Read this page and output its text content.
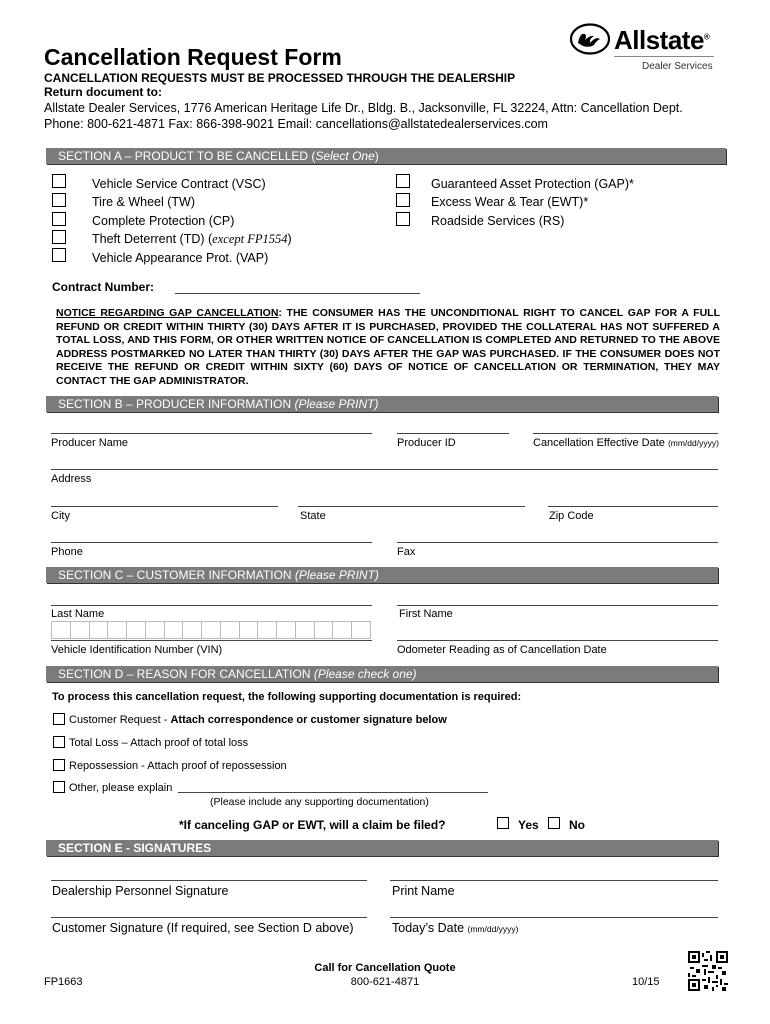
Cancellation Request Form
CANCELLATION REQUESTS MUST BE PROCESSED THROUGH THE DEALERSHIP
Return document to:
Allstate Dealer Services, 1776 American Heritage Life Dr., Bldg. B., Jacksonville, FL 32224, Attn: Cancellation Dept.
Phone: 800-621-4871 Fax: 866-398-9021 Email: cancellations@allstatedealerservices.com
Allstate®
Dealer Services
SECTION A – PRODUCT TO BE CANCELLED (Select One)
Vehicle Service Contract (VSC)
Tire & Wheel (TW)
Complete Protection (CP)
Theft Deterrent (TD) (except FP1554)
Vehicle Appearance Prot. (VAP)
Guaranteed Asset Protection (GAP)*
Excess Wear & Tear (EWT)*
Roadside Services (RS)
Contract Number:
NOTICE REGARDING GAP CANCELLATION: THE CONSUMER HAS THE UNCONDITIONAL RIGHT TO CANCEL GAP FOR A FULL REFUND OR CREDIT WITHIN THIRTY (30) DAYS AFTER IT IS PURCHASED, PROVIDED THE COLLATERAL HAS NOT SUFFERED A TOTAL LOSS, AND THIS FORM, OR OTHER WRITTEN NOTICE OF CANCELLATION IS COMPLETED AND RETURNED TO THE ABOVE ADDRESS POSTMARKED NO LATER THAN THIRTY (30) DAYS AFTER THE GAP WAS PURCHASED. IF THE CONSUMER DOES NOT RECEIVE THE REFUND OR CREDIT WITHIN SIXTY (60) DAYS OF NOTICE OF CANCELLATION OR TERMINATION, THEY MAY CONTACT THE GAP ADMINISTRATOR.
SECTION B – PRODUCER INFORMATION (Please PRINT)
Producer Name	Producer ID	Cancellation Effective Date (mm/dd/yyyy)
Address
City	State	Zip Code
Phone	Fax
SECTION C – CUSTOMER INFORMATION (Please PRINT)
Last Name	First Name
Vehicle Identification Number (VIN)	Odometer Reading as of Cancellation Date
SECTION D – REASON FOR CANCELLATION (Please check one)
To process this cancellation request, the following supporting documentation is required:
Customer Request - Attach correspondence or customer signature below
Total Loss – Attach proof of total loss
Repossession - Attach proof of repossession
Other, please explain
(Please include any supporting documentation)
*If canceling GAP or EWT, will a claim be filed?	Yes	No
SECTION E - SIGNATURES
Dealership Personnel Signature	Print Name
Customer Signature (If required, see Section D above)	Today’s Date (mm/dd/yyyy)
Call for Cancellation Quote
800-621-4871
FP1663	10/15
